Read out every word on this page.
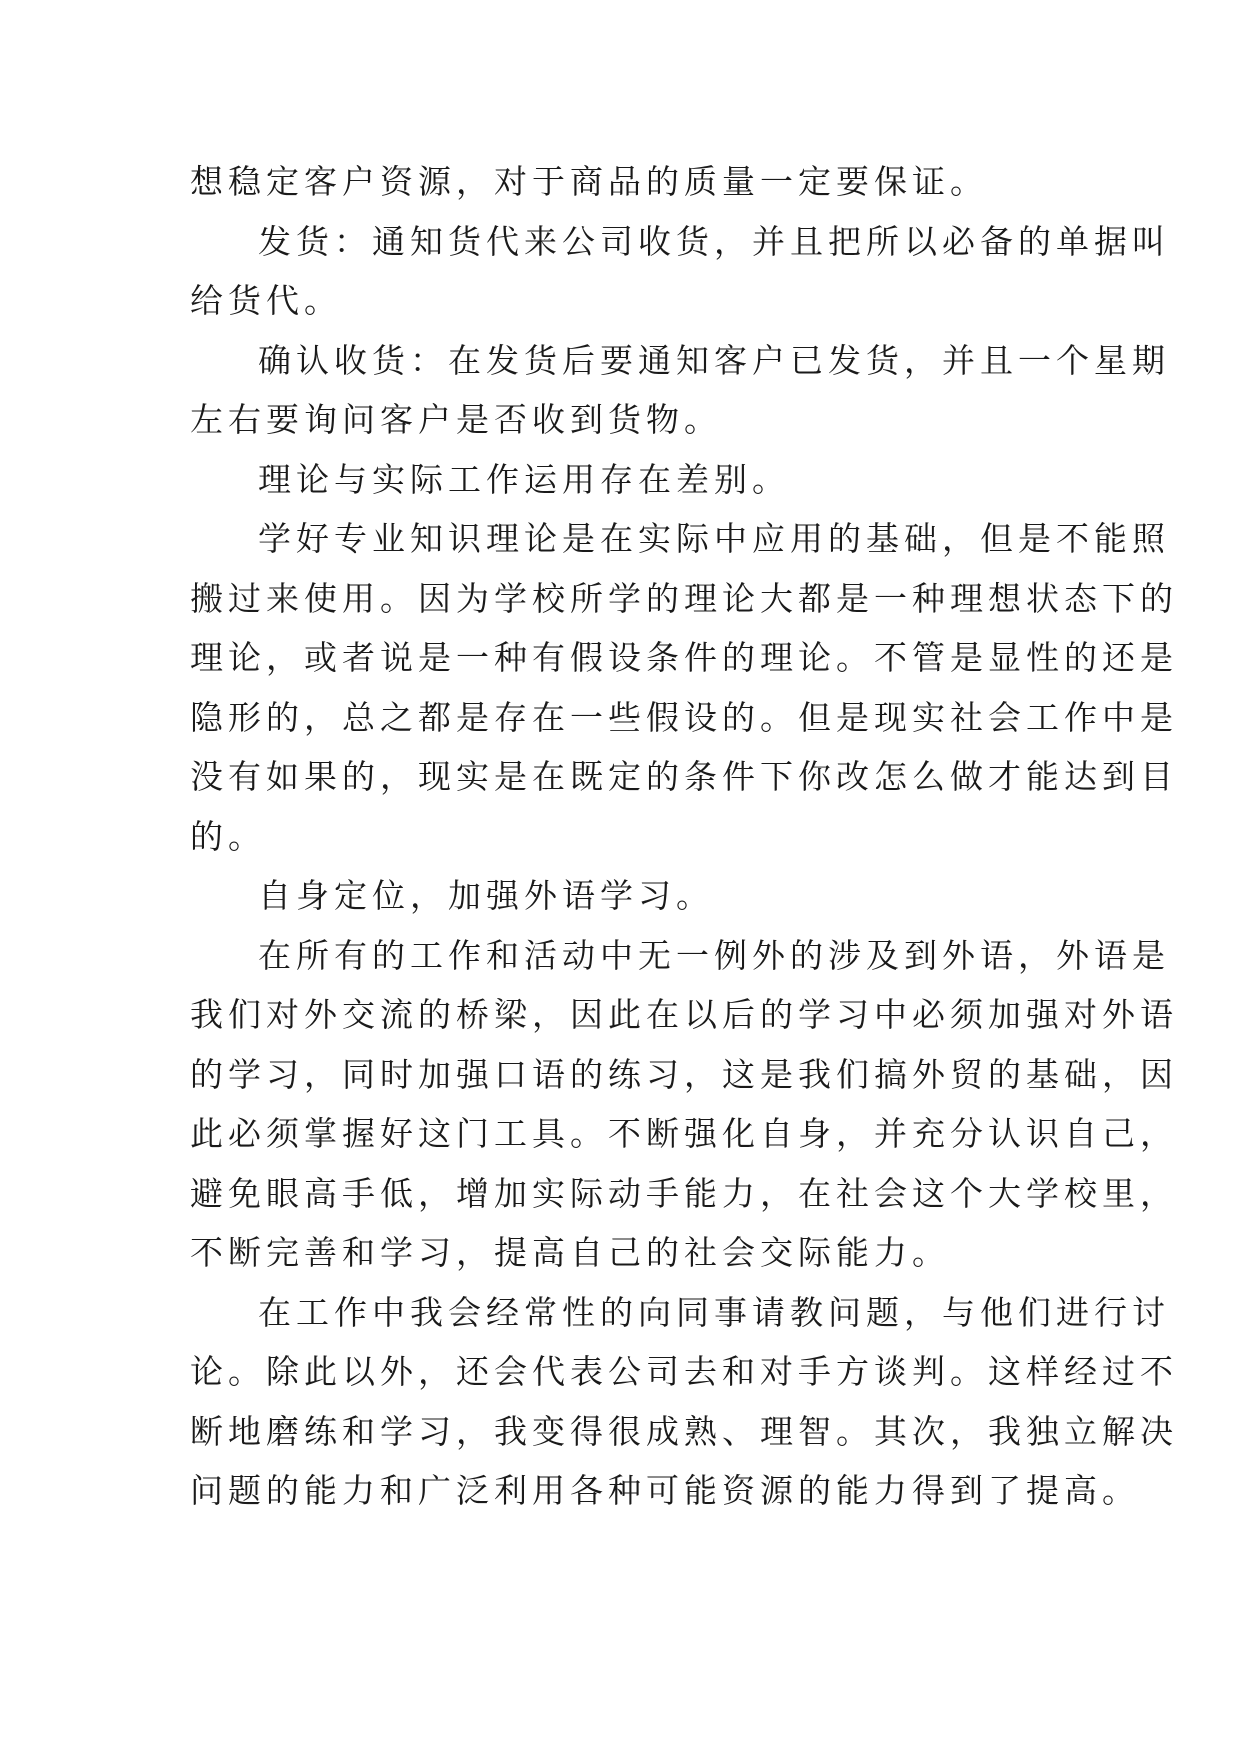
想稳定客户资源，对于商品的质量一定要保证。
发货：通知货代来公司收货，并且把所以必备的单据叫
给货代。
确认收货：在发货后要通知客户已发货，并且一个星期
左右要询问客户是否收到货物。
理论与实际工作运用存在差别。
学好专业知识理论是在实际中应用的基础，但是不能照
搬过来使用。因为学校所学的理论大都是一种理想状态下的
理论，或者说是一种有假设条件的理论。不管是显性的还是
隐形的，总之都是存在一些假设的。但是现实社会工作中是
没有如果的，现实是在既定的条件下你改怎么做才能达到目
的。
自身定位，加强外语学习。
在所有的工作和活动中无一例外的涉及到外语，外语是
我们对外交流的桥梁，因此在以后的学习中必须加强对外语
的学习，同时加强口语的练习，这是我们搞外贸的基础，因
此必须掌握好这门工具。不断强化自身，并充分认识自己，
避免眼高手低，增加实际动手能力，在社会这个大学校里，
不断完善和学习，提高自己的社会交际能力。
在工作中我会经常性的向同事请教问题，与他们进行讨
论。除此以外，还会代表公司去和对手方谈判。这样经过不
断地磨练和学习，我变得很成熟、理智。其次，我独立解决
问题的能力和广泛利用各种可能资源的能力得到了提高。
